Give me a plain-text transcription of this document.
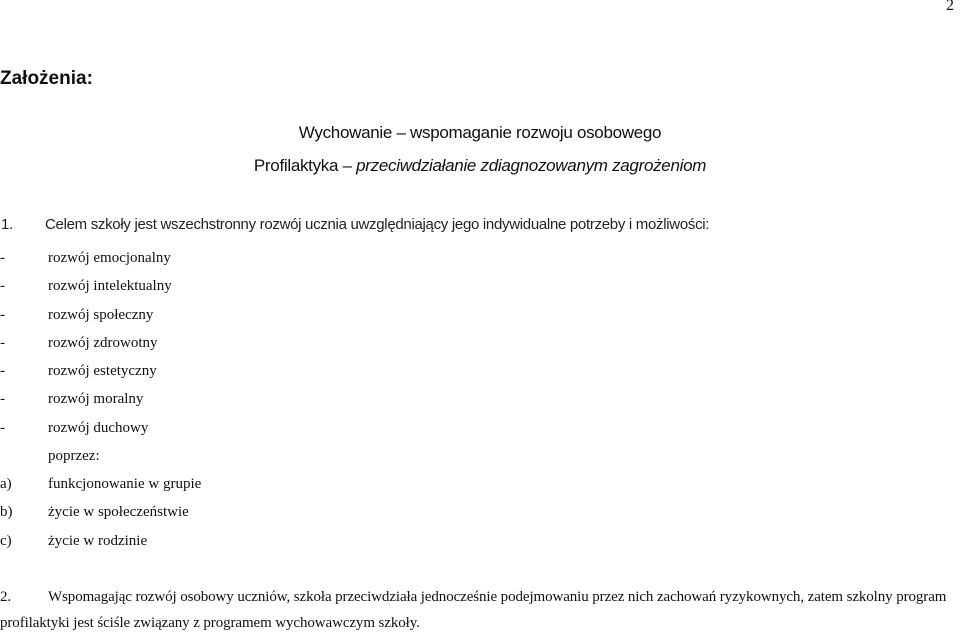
2
Założenia:

Wychowanie – wspomaganie rozwoju osobowego

Profilaktyka – przeciwdziałanie zdiagnozowanym zagrożeniom

1. Celem szkoły jest wszechstronny rozwój ucznia uwzględniający jego indywidualne potrzeby i możliwości:
-	rozwój emocjonalny
-	rozwój intelektualny
-	rozwój społeczny
-	rozwój zdrowotny
-	rozwój estetyczny
-	rozwój moralny
-	rozwój duchowy
poprzez:
a) funkcjonowanie w grupie
b) życie w społeczeństwie
c) życie w rodzinie

2. Wspomagając rozwój osobowy uczniów, szkoła przeciwdziała jednocześnie podejmowaniu przez nich zachowań ryzykownych, zatem szkolny program profilaktyki jest ściśle związany z programem wychowawczym szkoły.
